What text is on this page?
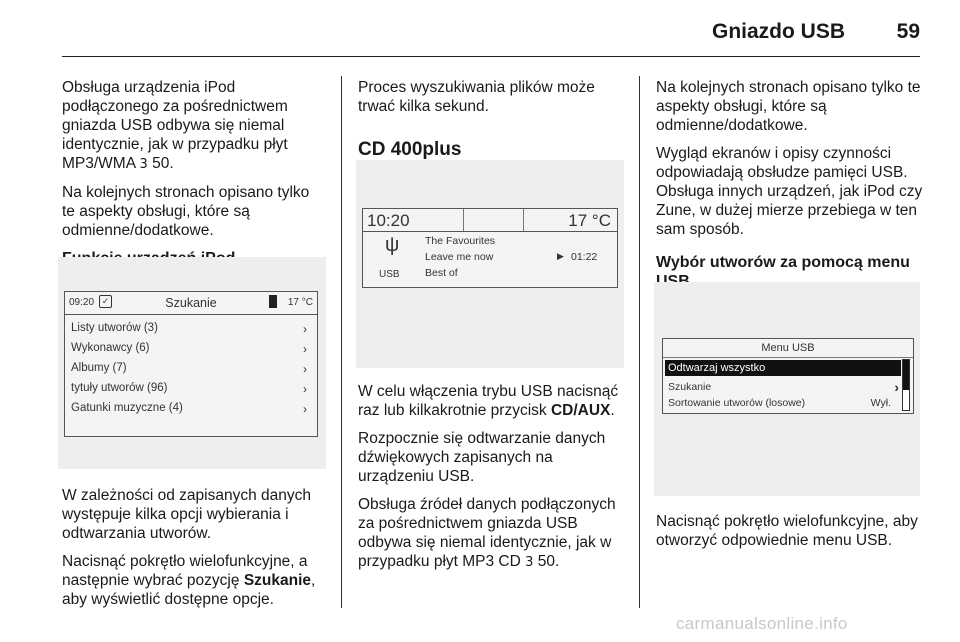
Gniazdo USB 59

Obsługa urządzenia iPod podłączonego za pośrednictwem gniazda USB odbywa się niemal identycznie, jak w przypadku płyt MP3/WMA 3 50.

Na kolejnych stronach opisano tylko te aspekty obsługi, które są odmienne/dodatkowe.

09:20 ✓	Szukanie	17 °C
Listy utworów (3)	›
Wykonawcy (6)	›
Albumy (7)	›
tytuły utworów (96)	›
Gatunki muzyczne (4)	›

W zależności od zapisanych danych występuje kilka opcji wybierania i odtwarzania utworów.

Nacisnąć pokrętło wielofunkcyjne, a następnie wybrać pozycję Szukanie, aby wyświetlić dostępne opcje.

Proces wyszukiwania plików może trwać kilka sekund.

CD 400plus

10:20	17 °C
ψ
USB
The Favourites
Leave me now	▶ 01:22
Best of

W celu włączenia trybu USB nacisnąć raz lub kilkakrotnie przycisk CD/AUX.

Rozpocznie się odtwarzanie danych dźwiękowych zapisanych na urządzeniu USB.

Obsługa źródeł danych podłączonych za pośrednictwem gniazda USB odbywa się niemal identycznie, jak w przypadku płyt MP3 CD 3 50.

Na kolejnych stronach opisano tylko te aspekty obsługi, które są odmienne/dodatkowe.

Wygląd ekranów i opisy czynności odpowiadają obsłudze pamięci USB. Obsługa innych urządzeń, jak iPod czy Zune, w dużej mierze przebiega w ten sam sposób.

Wybór utworów za pomocą menu

Menu USB
Odtwarzaj wszystko
Szukanie	›
Sortowanie utworów (losowe)	Wył.

Nacisnąć pokrętło wielofunkcyjne, aby otworzyć odpowiednie menu USB.

carmanualsonline.info
